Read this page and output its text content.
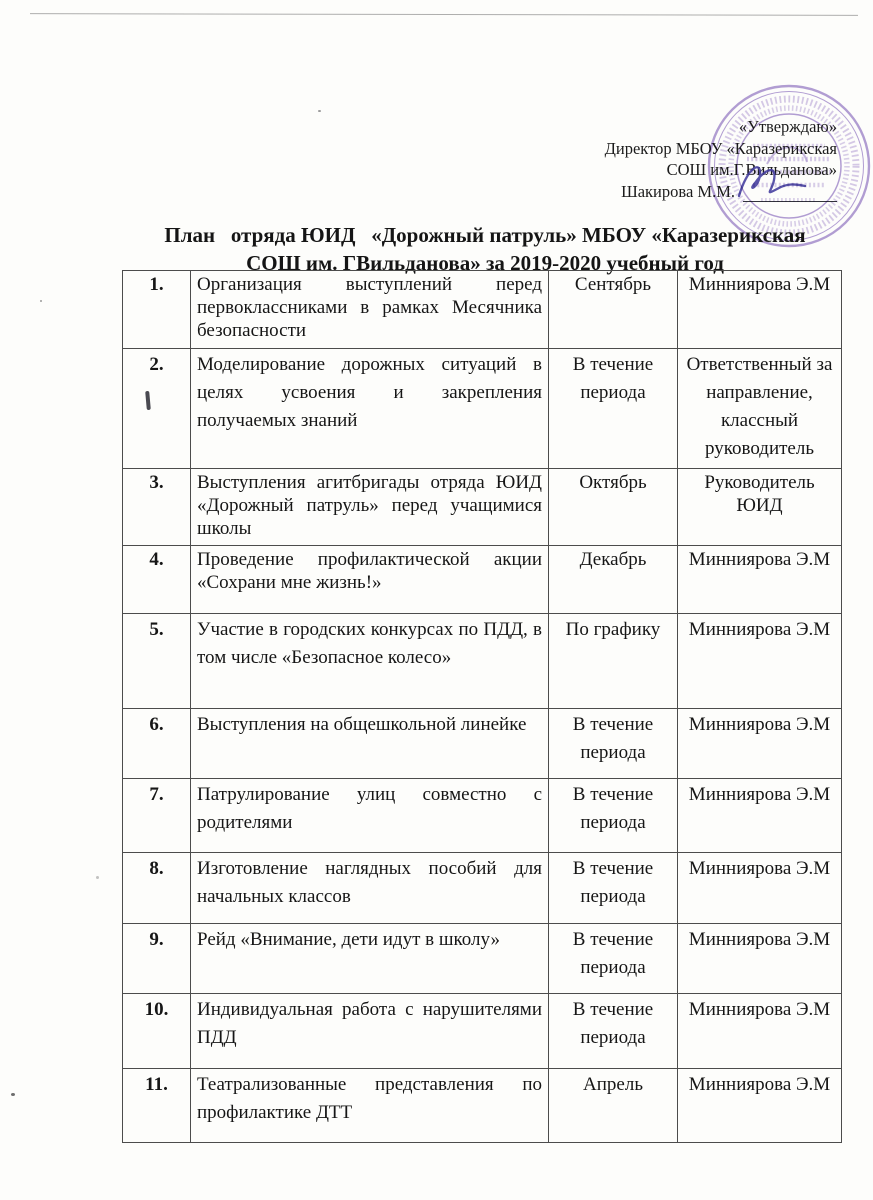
«Утверждаю»
Директор МБОУ «Каразерикская
СОШ им.Г.Вильданова»
Шакирова М.М.
План   отряда ЮИД   «Дорожный патруль» МБОУ «Каразерикская
СОШ им. ГВильданова» за 2019-2020 учебный год
1.	Организация выступлений перед первоклассниками в рамках Месячника безопасности	Сентябрь	Минниярова Э.М
2.	Моделирование дорожных ситуаций в целях усвоения и закрепления получаемых знаний	В течение периода	Ответственный за направление, классный руководитель
3.	Выступления агитбригады отряда ЮИД «Дорожный патруль» перед учащимися школы	Октябрь	Руководитель ЮИД
4.	Проведение профилактической акции «Сохрани мне жизнь!»	Декабрь	Минниярова Э.М
5.	Участие в городских конкурсах по ПДД, в том числе «Безопасное колесо»	По графику	Минниярова Э.М
6.	Выступления на общешкольной линейке	В течение периода	Минниярова Э.М
7.	Патрулирование улиц совместно с родителями	В течение периода	Минниярова Э.М
8.	Изготовление наглядных пособий для начальных классов	В течение периода	Минниярова Э.М
9.	Рейд «Внимание, дети идут в школу»	В течение периода	Минниярова Э.М
10.	Индивидуальная работа с нарушителями ПДД	В течение периода	Минниярова Э.М
11.	Театрализованные представления по профилактике ДТТ	Апрель	Минниярова Э.М
